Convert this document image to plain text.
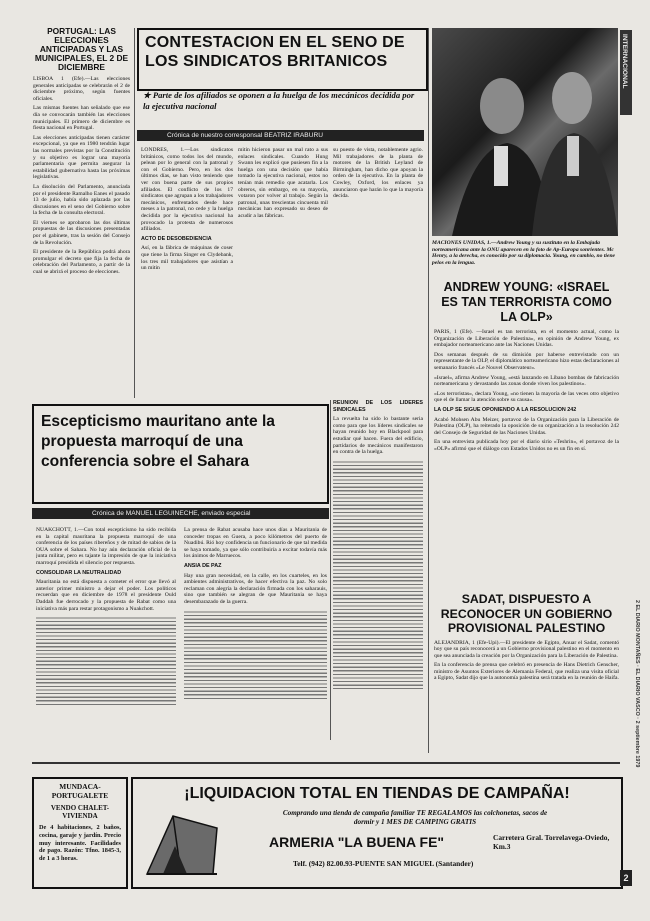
PORTUGAL: LAS ELECCIONES ANTICIPADAS Y LAS MUNICIPALES, EL 2 DE DICIEMBRE

LISBOA 1 (Efe).—Las elecciones generales anticipadas se celebrarán el 2 de diciembre próximo, según fuentes oficiales.

Las mismas fuentes han señalado que ese día se convocarán también las elecciones municipales. El primero de diciembre es fiesta nacional en Portugal.

Las elecciones anticipadas tienen carácter excepcional, ya que en 1980 tendrán lugar las normales previstas por la Constitución y su objetivo es lograr una mayoría parlamentaria que permita asegurar la estabilidad gubernativa hasta las próximas legislativas.

La disolución del Parlamento, anunciada por el presidente Ramalho Eanes el pasado 13 de julio, había sido aplazada por las discusiones en el seno del Gobierno sobre la fecha de la consulta electoral.

El viernes se aprobaron las dos últimas propuestas de las discusiones presentadas por el gabinete, tras la sesión del Consejo de la Revolución.

El presidente de la República podrá ahora promulgar el decreto que fija la fecha de celebración del Parlamento, a partir de la cual se abrirá el proceso de elecciones.

CONTESTACION EN EL SENO DE LOS SINDICATOS BRITANICOS
★ Parte de los afiliados se oponen a la huelga de los mecánicos decidida por la ejecutiva nacional
Crónica de nuestro corresponsal BEATRIZ IRABURU

LONDRES, 1.—Los sindicatos británicos, como todos los del mundo, pelean por lo general con la patronal y con el Gobierno. Pero, en los dos últimos días, se han visto teniendo que ver con buena parte de sus propios afiliados. El conflicto de los 17 sindicatos que agrupan a los trabajadores mecánicos, enfrentados desde hace meses a la patronal, no cede y la huelga decidida por la ejecutiva nacional ha provocado la protesta de numerosos afiliados.

ACTO DE DESOBEDIENCIA

Así, en la fábrica de máquinas de coser que tiene la firma Singer en Clydebank, los tres mil trabajadores que asistían a un mitin

mitin hicieron pasar un mal rato a sus enlaces sindicales. Cuando Hung Swann les explicó que pusiesen fin a la huelga con una decisión que había tomado la ejecutiva nacional, estos no tenían más remedio que acatarla. Los obreros, sin embargo, en su mayoría, votaron por volver al trabajo. Según la patronal, unas trescientas cincuenta mil mecánicas han expresado su deseo de acudir a las fábricas.

su puesto de vista, notablemente agrio. Mil trabajadores de la planta de motores de la British Leyland de Birmingham, han dicho que apoyan la orden de la ejecutiva. En la planta de Cowley, Oxford, los enlaces ya anunciaron que harán lo que la mayoría decida.

REUNION DE LOS LIDERES SINDICALES

La revuelta ha sido lo bastante seria como para que los líderes sindicales se hayan reunido hoy en Blackpool para estudiar qué hacen. Fuera del edificio, partidarios de mecánicos manifestaron en contra de la huelga.

INTERNACIONAL
MACIONES UNIDAS, 1.—Andrew Young y su sustituto en la Embajada norteamericana ante la ONU aparecen en la foto de Ap-Europa sonrientes. Mc Henry, a la derecha, es conocido por su diplomacia. Young, en cambio, no tiene pelos en la lengua.
ANDREW YOUNG: «ISRAEL ES TAN TERRORISTA COMO LA OLP»

PARIS, 1 (Efe). —Israel es tan terrorista, en el momento actual, como la Organización de Liberación de Palestina», en opinión de Andrew Young, ex embajador norteamericano ante las Naciones Unidas.

Dos semanas después de su dimisión por haberse entrevistado con un representante de la OLP, el diplomático norteamericano hizo estas declaraciones al semanario francés «Le Nouvel Observateur».

«Israel», afirma Andrew Young, «está lanzando en Líbano bombas de fabricación norteamericana y devastando las zonas donde viven los palestinos».

«Los terroristas», declara Young, «no tienen la mayoría de las veces otro objetivo que el de llamar la atención sobre su causa».

LA OLP SE SIGUE OPONIENDO A LA RESOLUCION 242

Acabó Mohsen Abu Meizer, portavoz de la Organización para la Liberación de Palestina (OLP), ha reiterado la oposición de su organización a la resolución 242 del Consejo de Seguridad de las Naciones Unidas.

En una entrevista publicada hoy por el diario sirio «Teshrin», el portavoz de la «OLP» afirmó que el diálogo con Estados Unidos no es un fin en sí.

SADAT, DISPUESTO A RECONOCER UN GOBIERNO PROVISIONAL PALESTINO

ALEJANDRIA, 1 (Efe-Upi).—El presidente de Egipto, Anuar el Sadat, comentó hoy que su país reconocerá a un Gobierno provisional palestino en el momento en que sea anunciada la creación por la Organización para la Liberación de Palestina.

En la conferencia de prensa que celebró en presencia de Hans Dietrich Genscher, ministro de Asuntos Exteriores de Alemania Federal, que realiza una visita oficial a Egipto, Sadat dijo que la autonomía palestina será tratada en la reunión de Haifa.

Escepticismo mauritano ante la propuesta marroquí de una conferencia sobre el Sahara
Crónica de MANUEL LEGUINECHE, enviado especial

NUAKCHOTT, 1.—Con total escepticismo ha sido recibida en la capital mauritana la propuesta marroquí de una conferencia de los países ribereños y de mitad de sabios de la OUA sobre el Sahara. No hay aún declaración oficial de la junta militar, pero es tajante la impresión de que la iniciativa marroquí presidida el silencio por respuesta.

CONSOLIDAR LA NEUTRALIDAD

Mauritania no está dispuesta a cometer el error que llevó al anterior primer ministro a dejar el poder. Los políticos recuerdan que en diciembre de 1978 el presidente Ould Daddah fue derrocado y la propuesta de Rabat como una iniciativa más para restar protagonismo a Nuakchott.

La prensa de Rabat acusaba hace unos días a Mauritania de conceder tropas en Guera, a poco kilómetros del puerto de Nuadibú. Rió hoy confidencia un funcionario de que tal medida se haya tomado, ya que sólo contribuiría a excitar todavía más los ánimos de Marruecos.

ANSIA DE PAZ

Hay una gran necesidad, en la calle, en los cuarteles, en los ambientes administrativos, de hacer efectiva la paz. No solo reclaman con alegría la declaración firmada con los saharauis, sino que también se alegran de que Mauritania se haya desembarazado de la guerra.

MUNDACA-PORTUGALETE
VENDO CHALET-VIVIENDA
De 4 habitaciones, 2 baños, cocina, garaje y jardín. Precio muy interesante. Facilidades de pago. Razón: Tfno. 1845-3, de 1 a 3 horas.
¡LIQUIDACION TOTAL EN TIENDAS DE CAMPAÑA!
Comprando una tienda de campaña familiar TE REGALAMOS las colchonetas, sacos de
dormir y 1 MES DE CAMPING GRATIS
ARMERIA "LA BUENA FE"	Carretera Gral. Torrelavega-Oviedo, Km.3
Telf. (942) 82.00.93-PUENTE SAN MIGUEL (Santander)
2 EL DIARIO MONTAÑES · EL DIARIO VASCO · 2 septiembre 1979
2
